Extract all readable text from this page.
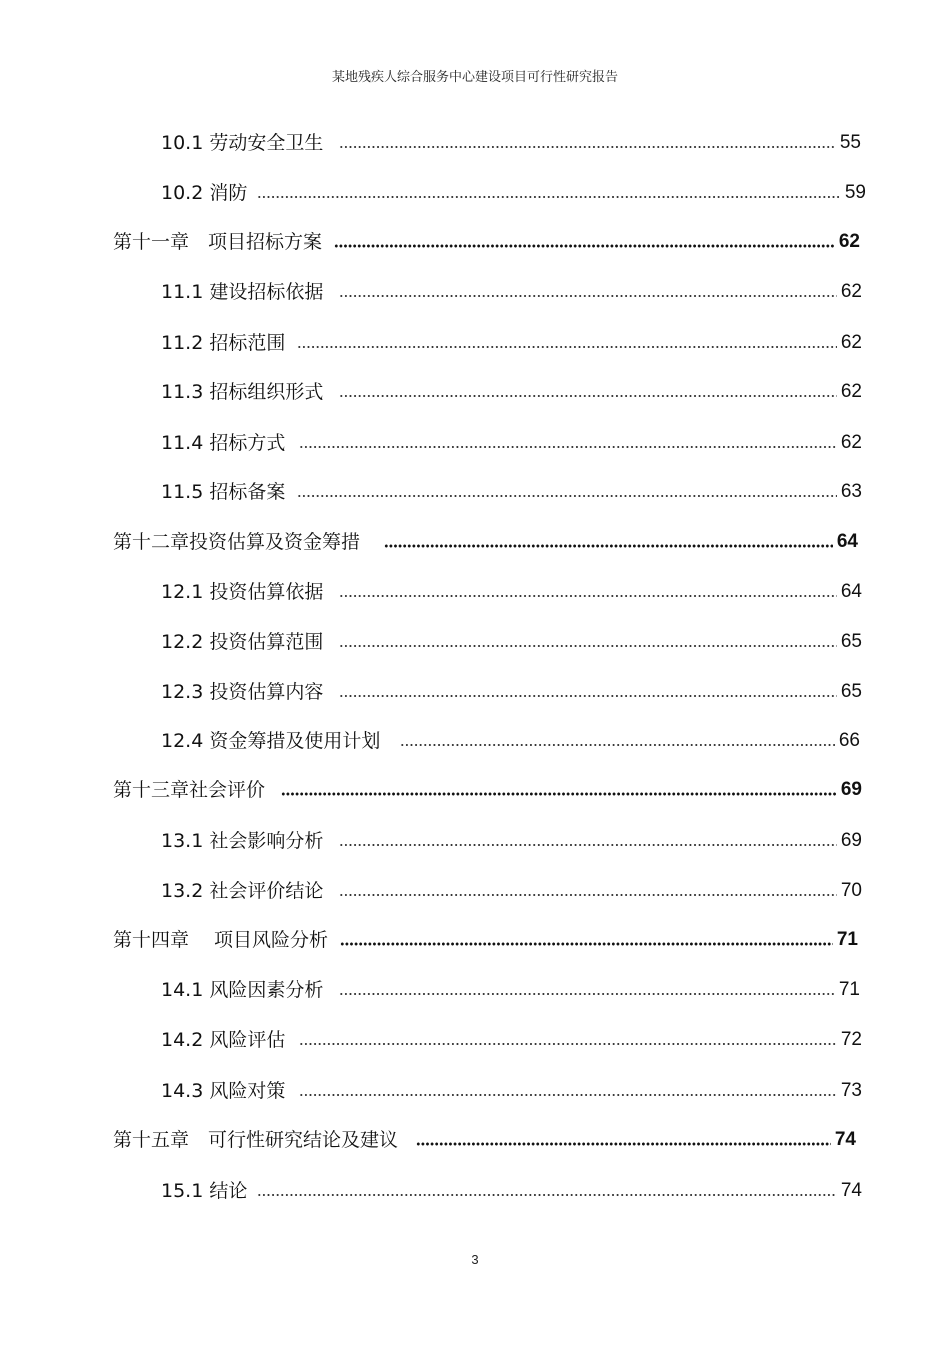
某地残疾人综合服务中心建设项目可行性研究报告
10.1 劳动安全卫生	55
10.2 消防	59
第十一章　项目招标方案	62
11.1 建设招标依据	62
11.2 招标范围	62
11.3 招标组织形式	62
11.4 招标方式	62
11.5 招标备案	63
第十二章投资估算及资金筹措	64
12.1 投资估算依据	64
12.2 投资估算范围	65
12.3 投资估算内容	65
12.4 资金筹措及使用计划	66
第十三章社会评价	69
13.1 社会影响分析	69
13.2 社会评价结论	70
第十四章　 项目风险分析	71
14.1 风险因素分析	71
14.2 风险评估	72
14.3 风险对策	73
第十五章　可行性研究结论及建议	74
15.1 结论	74
3
